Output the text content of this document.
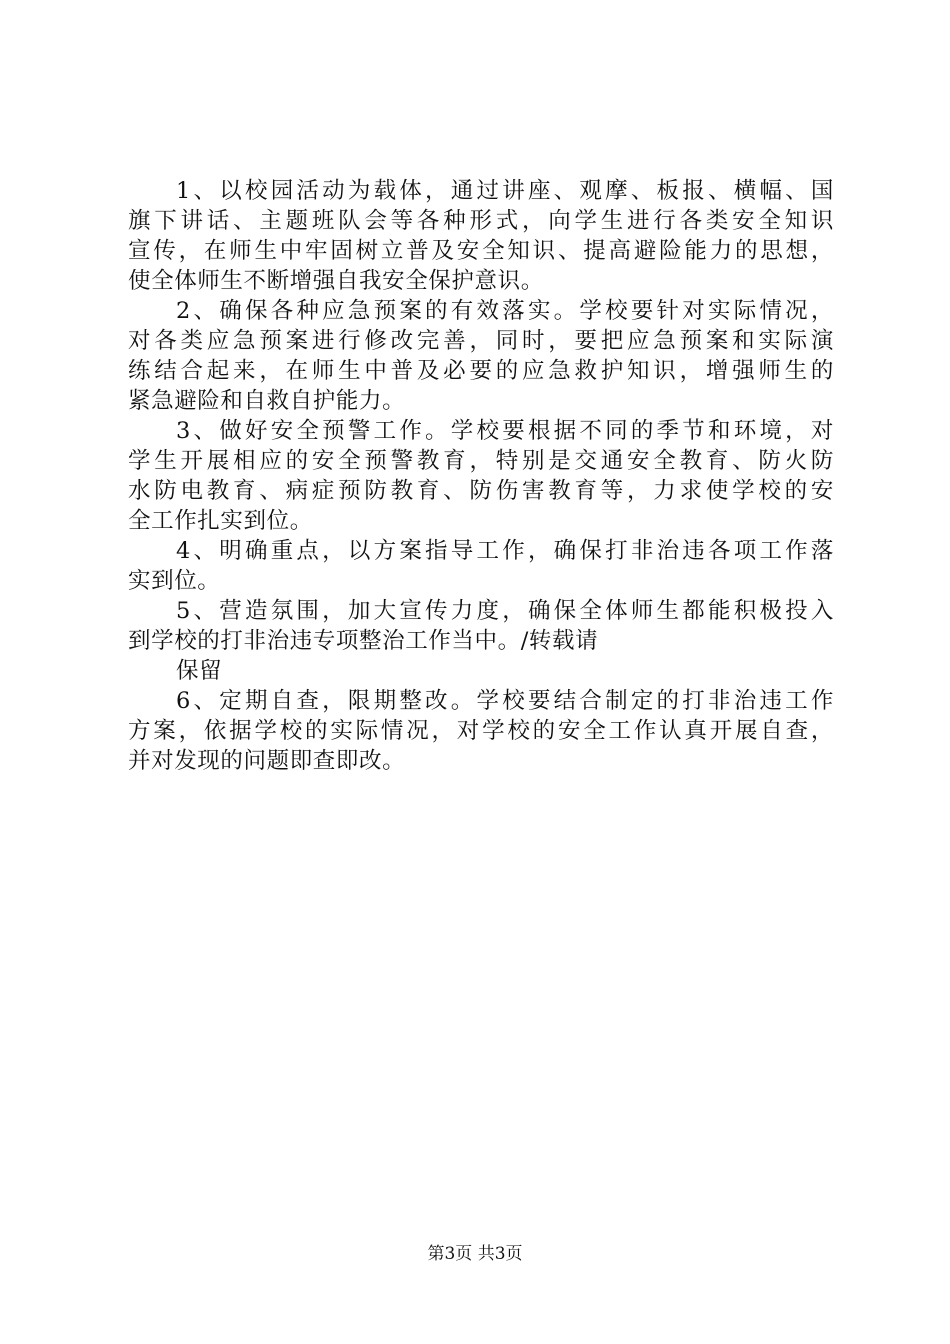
1、以校园活动为载体，通过讲座、观摩、板报、横幅、国
旗下讲话、主题班队会等各种形式，向学生进行各类安全知识
宣传，在师生中牢固树立普及安全知识、提高避险能力的思想，
使全体师生不断增强自我安全保护意识。
2、确保各种应急预案的有效落实。学校要针对实际情况，
对各类应急预案进行修改完善，同时，要把应急预案和实际演
练结合起来，在师生中普及必要的应急救护知识，增强师生的
紧急避险和自救自护能力。
3、做好安全预警工作。学校要根据不同的季节和环境，对
学生开展相应的安全预警教育，特别是交通安全教育、防火防
水防电教育、病症预防教育、防伤害教育等，力求使学校的安
全工作扎实到位。
4、明确重点，以方案指导工作，确保打非治违各项工作落
实到位。
5、营造氛围，加大宣传力度，确保全体师生都能积极投入
到学校的打非治违专项整治工作当中。/转载请
保留
6、定期自查，限期整改。学校要结合制定的打非治违工作
方案，依据学校的实际情况，对学校的安全工作认真开展自查，
并对发现的问题即查即改。
第3页 共3页
